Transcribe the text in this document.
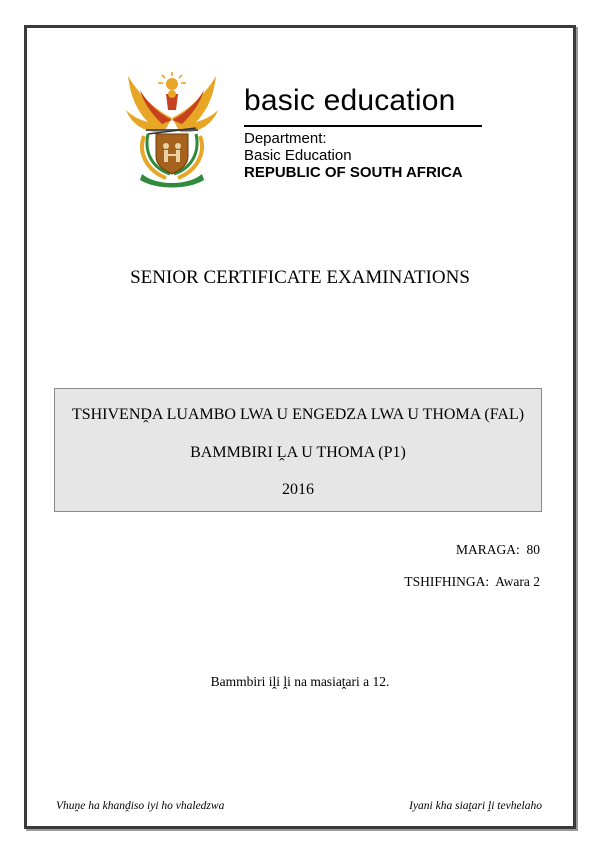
basic education
Department:
Basic Education
REPUBLIC OF SOUTH AFRICA
SENIOR CERTIFICATE EXAMINATIONS
TSHIVENḒA LUAMBO LWA U ENGEDZA LWA U THOMA (FAL)
BAMMBIRI ḼA U THOMA (P1)
2016
MARAGA:  80
TSHIFHINGA:  Awara 2
Bammbiri iḽi ḽi na masiaṱari a 12.
Vhuṋe ha khanḓiso iyi ho vhaledzwa	Iyani kha siaṱari ḽi tevhelaho
